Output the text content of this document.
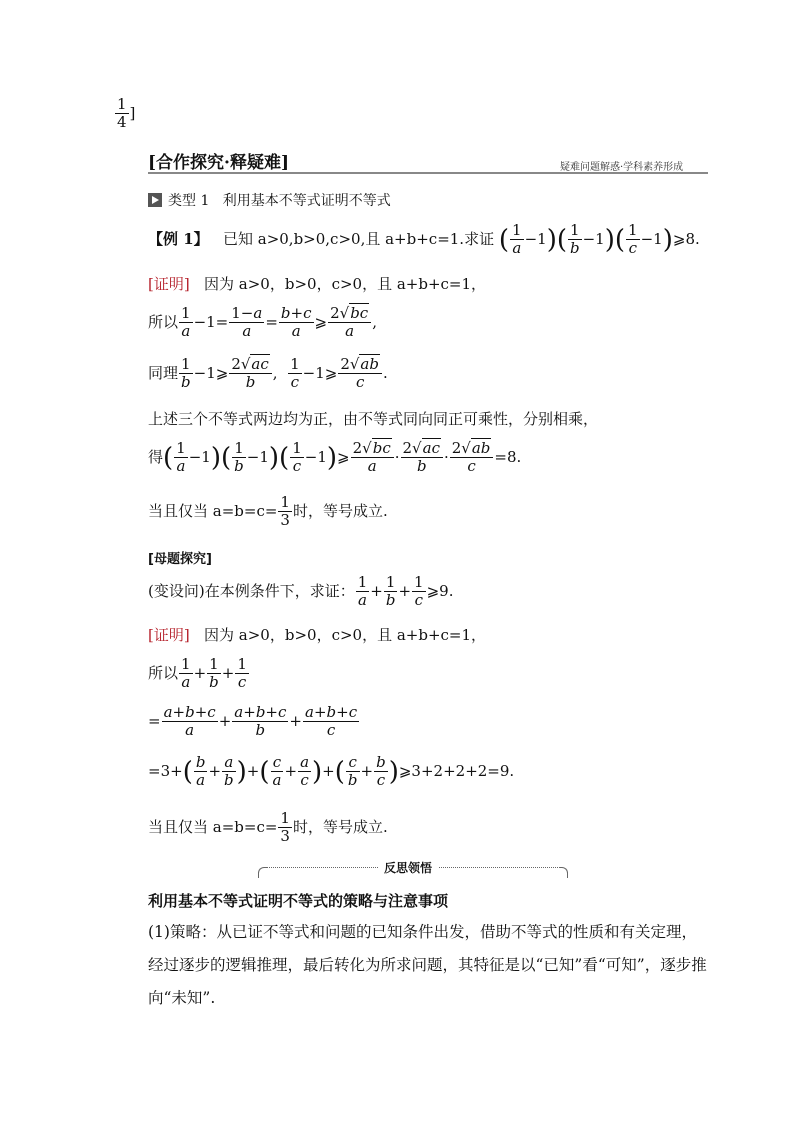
$\frac{1}{4}$ ]
[合作探究·释疑难]	疑难问题解惑·学科素养形成
类型 1 利用基本不等式证明不等式
【例 1】 已知 a>0,b>0,c>0,且 a+b+c=1.求证 ( $\frac{1}{a} -1)( \frac{1}{b} -1)( \frac{1}{c}$ −1)⩾8.
[证明] 因为 a>0，b>0，c>0，且 a+b+c=1，
所以 $\frac{1}{a} -1= \frac{1-a}{a} = \frac{b+c}{a}$ ⩾ $\frac{2√bc}{a}$ ,
同理 $\frac{1}{b}$ −1⩾ $\frac{2√ac}{b}$ , $\frac{1}{c}$ −1⩾ $\frac{2√ab}{c}$ .
上述三个不等式两边均为正，由不等式同向同正可乘性，分别相乘，
得( $\frac{1}{a} -1)( \frac{1}{b} -1)( \frac{1}{c}$ −1)⩾ $\frac{2√bc}{a} \cdot \frac{2√ac}{b} \cdot \frac{2√ab}{c} =8$.
当且仅当 $a=b=c= \frac{1}{3}$ 时，等号成立.
[母题探究]
(变设问)在本例条件下，求证： $\frac{1}{a} + \frac{1}{b} + \frac{1}{c}$ ⩾9.
[证明] 因为 a>0，b>0，c>0，且 a+b+c=1，
所以 $\frac{1}{a} + \frac{1}{b} + \frac{1}{c}$
= $\frac{a+b+c}{a} + \frac{a+b+c}{b} + \frac{a+b+c}{c}$
$=3+( \frac{b}{a} + \frac{a}{b}$ )+( $\frac{c}{a} + \frac{a}{c}$ )+( $\frac{c}{b} + \frac{b}{c}$ )⩾3+2+2+2=9.
当且仅当 $a=b=c= \frac{1}{3}$ 时，等号成立.
反思领悟
利用基本不等式证明不等式的策略与注意事项
(1)策略：从已证不等式和问题的已知条件出发，借助不等式的性质和有关定理，经过逐步的逻辑推理，最后转化为所求问题，其特征是以“已知”看“可知”，逐步推向“未知”.
